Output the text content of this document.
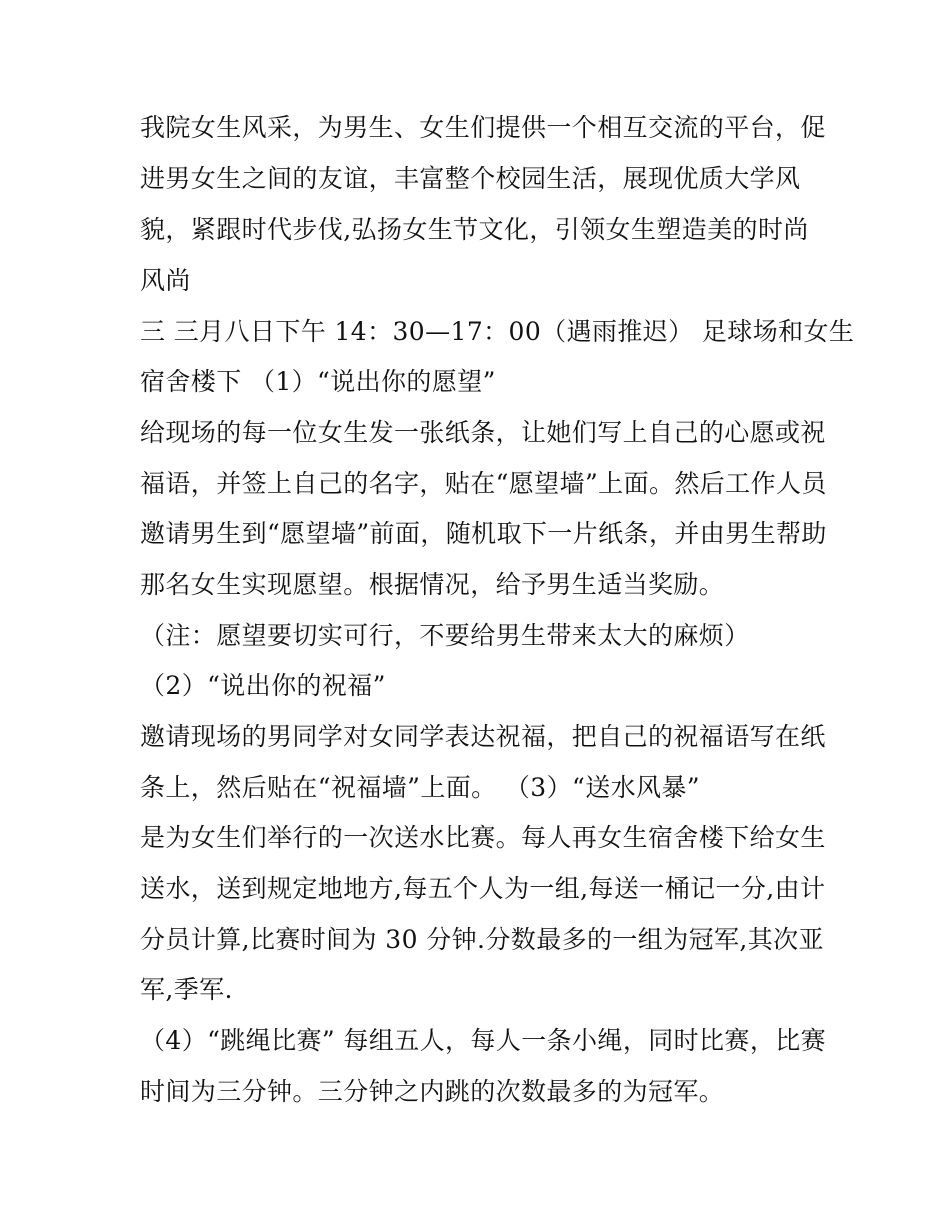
我院女生风采，为男生、女生们提供一个相互交流的平台，促
进男女生之间的友谊，丰富整个校园生活，展现优质大学风
貌，紧跟时代步伐,弘扬女生节文化，引领女生塑造美的时尚
风尚
三 三月八日下午 14：30—17：00（遇雨推迟） 足球场和女生
宿舍楼下 （1）“说出你的愿望”
给现场的每一位女生发一张纸条，让她们写上自己的心愿或祝
福语，并签上自己的名字，贴在“愿望墙”上面。然后工作人员
邀请男生到“愿望墙”前面，随机取下一片纸条，并由男生帮助
那名女生实现愿望。根据情况，给予男生适当奖励。
（注：愿望要切实可行，不要给男生带来太大的麻烦）
（2）“说出你的祝福”
邀请现场的男同学对女同学表达祝福，把自己的祝福语写在纸
条上，然后贴在“祝福墙”上面。 （3）“送水风暴”
是为女生们举行的一次送水比赛。每人再女生宿舍楼下给女生
送水，送到规定地地方,每五个人为一组,每送一桶记一分,由计
分员计算,比赛时间为 30 分钟.分数最多的一组为冠军,其次亚
军,季军.
（4）“跳绳比赛” 每组五人，每人一条小绳，同时比赛，比赛
时间为三分钟。三分钟之内跳的次数最多的为冠军。
